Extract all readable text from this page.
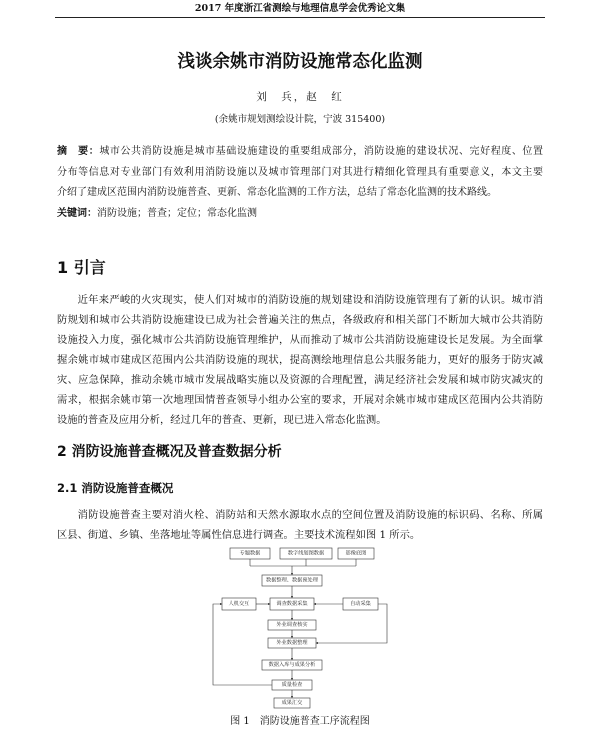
2017 年度浙江省测绘与地理信息学会优秀论文集
浅谈余姚市消防设施常态化监测
刘　兵，赵　红
(余姚市规划测绘设计院，宁波 315400)
摘　要：城市公共消防设施是城市基础设施建设的重要组成部分，消防设施的建设状况、完好程度、位置
分布等信息对专业部门有效利用消防设施以及城市管理部门对其进行精细化管理具有重要意义，本文主要
介绍了建成区范围内消防设施普查、更新、常态化监测的工作方法，总结了常态化监测的技术路线。
关键词：消防设施；普查；定位；常态化监测
1 引言
近年来严峻的火灾现实，使人们对城市的消防设施的规划建设和消防设施管理有了新的认识。城市消
防规划和城市公共消防设施建设已成为社会普遍关注的焦点，各级政府和相关部门不断加大城市公共消防
设施投入力度，强化城市公共消防设施管理维护，从而推动了城市公共消防设施建设长足发展。为全面掌
握余姚市城市建成区范围内公共消防设施的现状，提高测绘地理信息公共服务能力，更好的服务于防灾减
灾、应急保障，推动余姚市城市发展战略实施以及资源的合理配置，满足经济社会发展和城市防灾减灾的
需求，根据余姚市第一次地理国情普查领导小组办公室的要求，开展对余姚市城市建成区范围内公共消防
设施的普查及应用分析，经过几年的普查、更新，现已进入常态化监测。
2 消防设施普查概况及普查数据分析
2.1 消防设施普查概况
消防设施普查主要对消火栓、消防站和天然水源取水点的空间位置及消防设施的标识码、名称、所属
区县、街道、乡镇、坐落地址等属性信息进行调查。主要技术流程如图 1 所示。
专题数据	数字线划图数据	影像底图
数据整理、数据预处理
人机交互	调查数据采集	自动采集
外业调查核实
外业数据整理
数据入库与成果分析
质量检查
成果汇交
图 1　消防设施普查工序流程图
